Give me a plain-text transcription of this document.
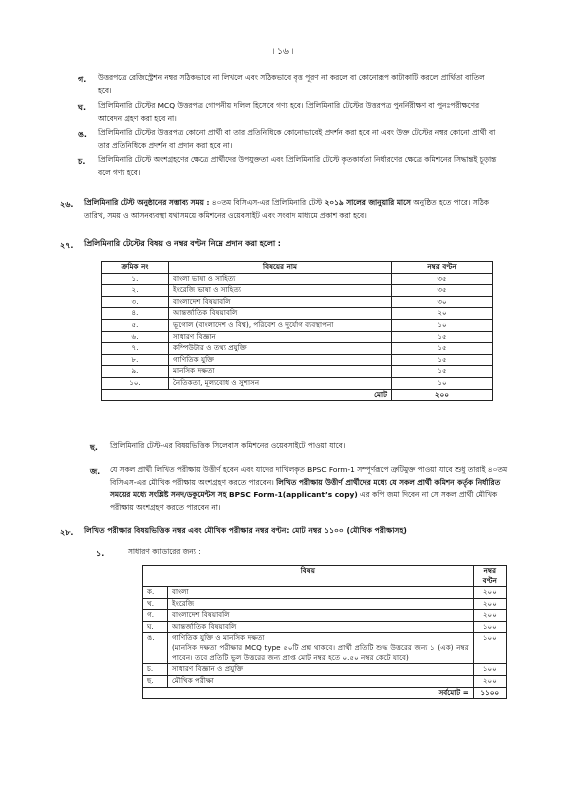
৷ ১৬ ৷
গ.	উত্তরপত্রে রেজিস্ট্রেশন নম্বর সঠিকভাবে না লিখলে এবং সঠিকভাবে বৃত্ত পূরণ না করলে বা কোনোরূপ কাটাকাটি করলে প্রার্থিতা বাতিল হবে।
ঘ.	প্রিলিমিনারি টেস্টের MCQ উত্তরপত্র গোপনীয় দলিল হিসেবে গণ্য হবে। প্রিলিমিনারি টেস্টের উত্তরপত্র পুনর্নিরীক্ষণ বা পুনঃপরীক্ষণের আবেদন গ্রহণ করা হবে না।
ঙ.	প্রিলিমিনারি টেস্টের উত্তরপত্র কোনো প্রার্থী বা তার প্রতিনিধিকে কোনোভাবেই প্রদর্শন করা হবে না এবং উক্ত টেস্টের নম্বর কোনো প্রার্থী বা তার প্রতিনিধিকে প্রদর্শন বা প্রদান করা হবে না।
চ.	প্রিলিমিনারি টেস্টে অংশগ্রহণের ক্ষেত্রে প্রার্থীদের উপযুক্ততা এবং প্রিলিমিনারি টেস্টে কৃতকার্যতা নির্ধারণের ক্ষেত্রে কমিশনের সিদ্ধান্তই চূড়ান্ত বলে গণ্য হবে।
২৬.	প্রিলিমিনারি টেস্ট অনুষ্ঠানের সম্ভাব্য সময় : ৪০তম বিসিএস-এর প্রিলিমিনারি টেস্ট ২০১৯ সালের জানুয়ারি মাসে অনুষ্ঠিত হতে পারে। সঠিক তারিখ, সময় ও আসনব্যবস্থা যথাসময়ে কমিশনের ওয়েবসাইট এবং সংবাদ মাধ্যমে প্রকাশ করা হবে।
২৭.	প্রিলিমিনারি টেস্টের বিষয় ও নম্বর বণ্টন নিম্নে প্রদান করা হলো :
ক্রমিক নং	বিষয়ের নাম	নম্বর বণ্টন
১.	বাংলা ভাষা ও সাহিত্য	৩৫
২.	ইংরেজি ভাষা ও সাহিত্য	৩৫
৩.	বাংলাদেশ বিষয়াবলি	৩০
৪.	আন্তর্জাতিক বিষয়াবলি	২০
৫.	ভূগোল (বাংলাদেশ ও বিশ্ব), পরিবেশ ও দুর্যোগ ব্যবস্থাপনা	১০
৬.	সাধারণ বিজ্ঞান	১৫
৭.	কম্পিউটার ও তথ্য প্রযুক্তি	১৫
৮.	গাণিতিক যুক্তি	১৫
৯.	মানসিক দক্ষতা	১৫
১০.	নৈতিকতা, মূল্যবোধ ও সুশাসন	১০
মোট		২০০
ছ.	প্রিলিমিনারি টেস্ট-এর বিষয়ভিত্তিক সিলেবাস কমিশনের ওয়েবসাইটে পাওয়া যাবে।
জ.	যে সকল প্রার্থী লিখিত পরীক্ষায় উত্তীর্ণ হবেন এবং যাদের দাখিলকৃত BPSC Form-1 সম্পূর্ণরূপে ত্রুটিমুক্ত পাওয়া যাবে শুধু তারাই ৪০তম বিসিএস-এর মৌখিক পরীক্ষায় অংশগ্রহণ করতে পারবেন। লিখিত পরীক্ষায় উত্তীর্ণ প্রার্থীদের মধ্যে যে সকল প্রার্থী কমিশন কর্তৃক নির্ধারিত সময়ের মধ্যে সংশ্লিষ্ট সনদ/ডকুমেন্টস সহ BPSC Form-1(applicant’s copy) এর কপি জমা দিবেন না সে সকল প্রার্থী মৌখিক পরীক্ষায় অংশগ্রহণ করতে পারবেন না।
২৮.	লিখিত পরীক্ষার বিষয়ভিত্তিক নম্বর এবং মৌখিক পরীক্ষার নম্বর বণ্টন: মোট নম্বর ১১০০ (মৌখিক পরীক্ষাসহ)
১.	সাধারণ ক্যাডারের জন্য :
বিষয়		নম্বর বণ্টন
ক.	বাংলা	২০০
খ.	ইংরেজি	২০০
গ.	বাংলাদেশ বিষয়াবলি	২০০
ঘ.	আন্তর্জাতিক বিষয়াবলি	১০০
ঙ.	গাণিতিক যুক্তি ও মানসিক দক্ষতা
(মানসিক দক্ষতা পরীক্ষার MCQ type ৫০টি প্রশ্ন থাকবে। প্রার্থী প্রতিটি শুদ্ধ উত্তরের জন্য ১ (এক) নম্বর পাবেন। তবে প্রতিটি ভুল উত্তরের জন্য প্রাপ্ত মোট নম্বর হতে ০.৫০ নম্বর কেটে যাবে)	১০০
চ.	সাধারণ বিজ্ঞান ও প্রযুক্তি	১০০
ছ.	মৌখিক পরীক্ষা	২০০
সর্বমোট =		১১০০
